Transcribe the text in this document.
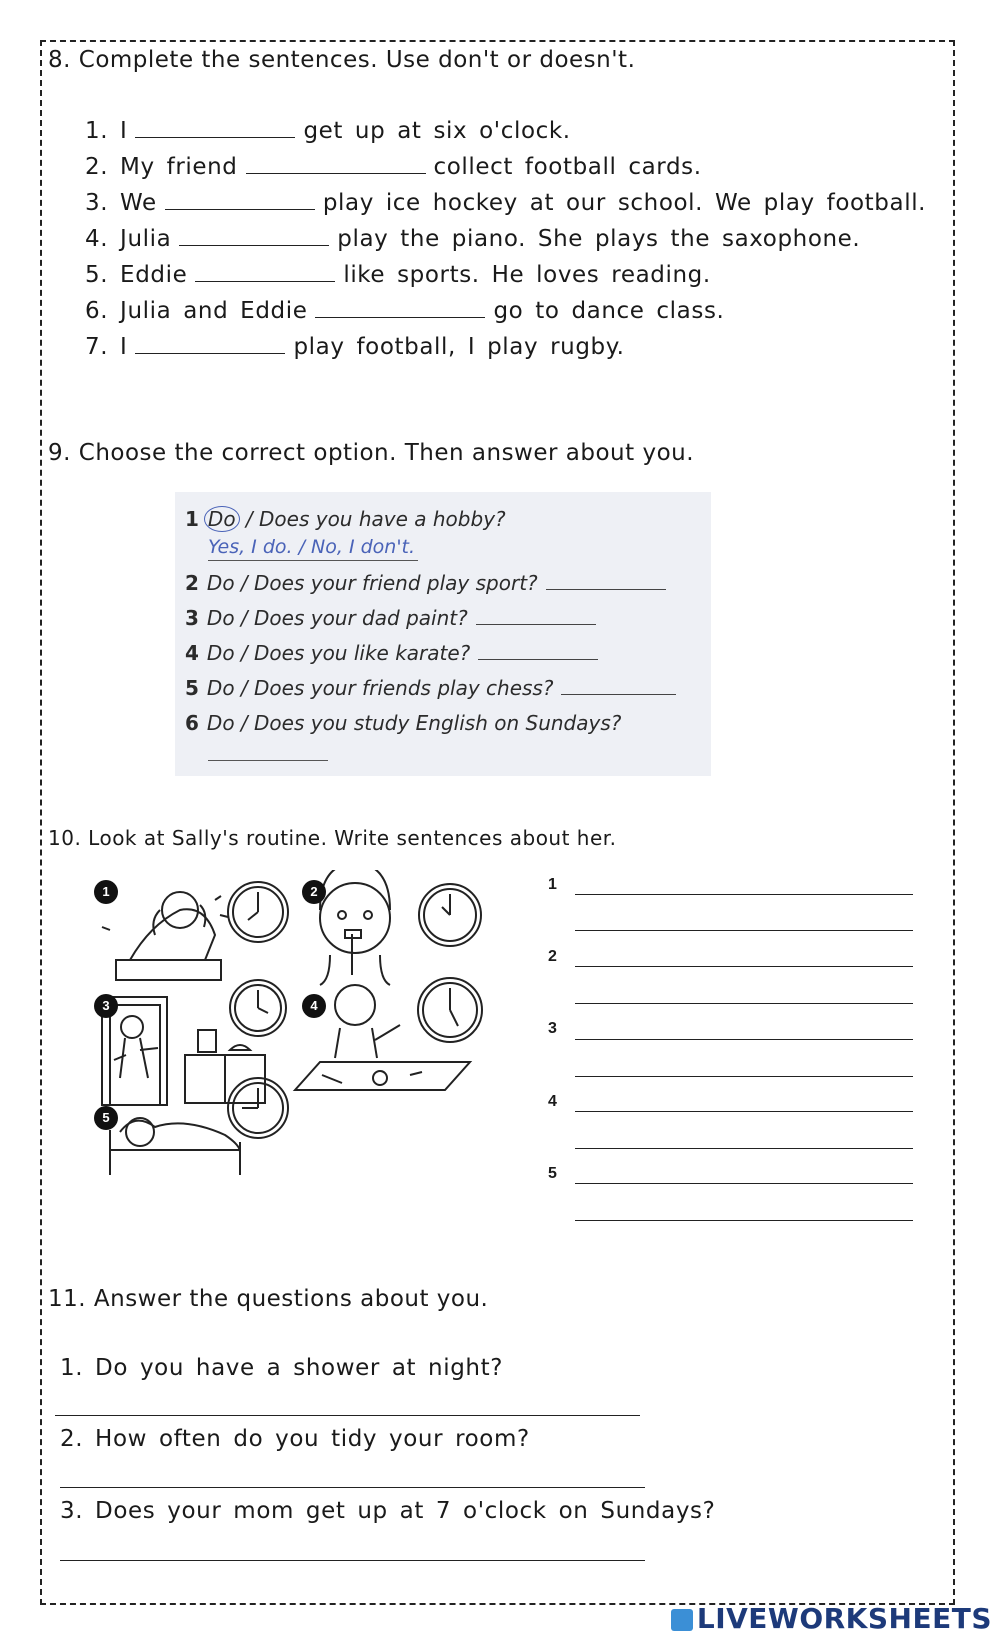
8. Complete the sentences. Use don't or doesn't.
1. I	get up at six o'clock.
2. My friend	collect football cards.
3. We	play ice hockey at our school. We play football.
4. Julia	play the piano. She plays the saxophone.
5. Eddie	like sports. He loves reading.
6. Julia and Eddie	go to dance class.
7. I	play football, I play rugby.
9. Choose the correct option. Then answer about you.
1 Do / Does you have a hobby?
Yes, I do. / No, I don't.
2 Do / Does your friend play sport?
3 Do / Does your dad paint?
4 Do / Does you like karate?
5 Do / Does your friends play chess?
6 Do / Does you study English on Sundays?
10. Look at Sally's routine. Write sentences about her.
1	2
3	4
5
1
2
3
4
5
11. Answer the questions about you.
1. Do you have a shower at night?
2. How often do you tidy your room?
3. Does your mom get up at 7 o'clock on Sundays?
LIVEWORKSHEETS
